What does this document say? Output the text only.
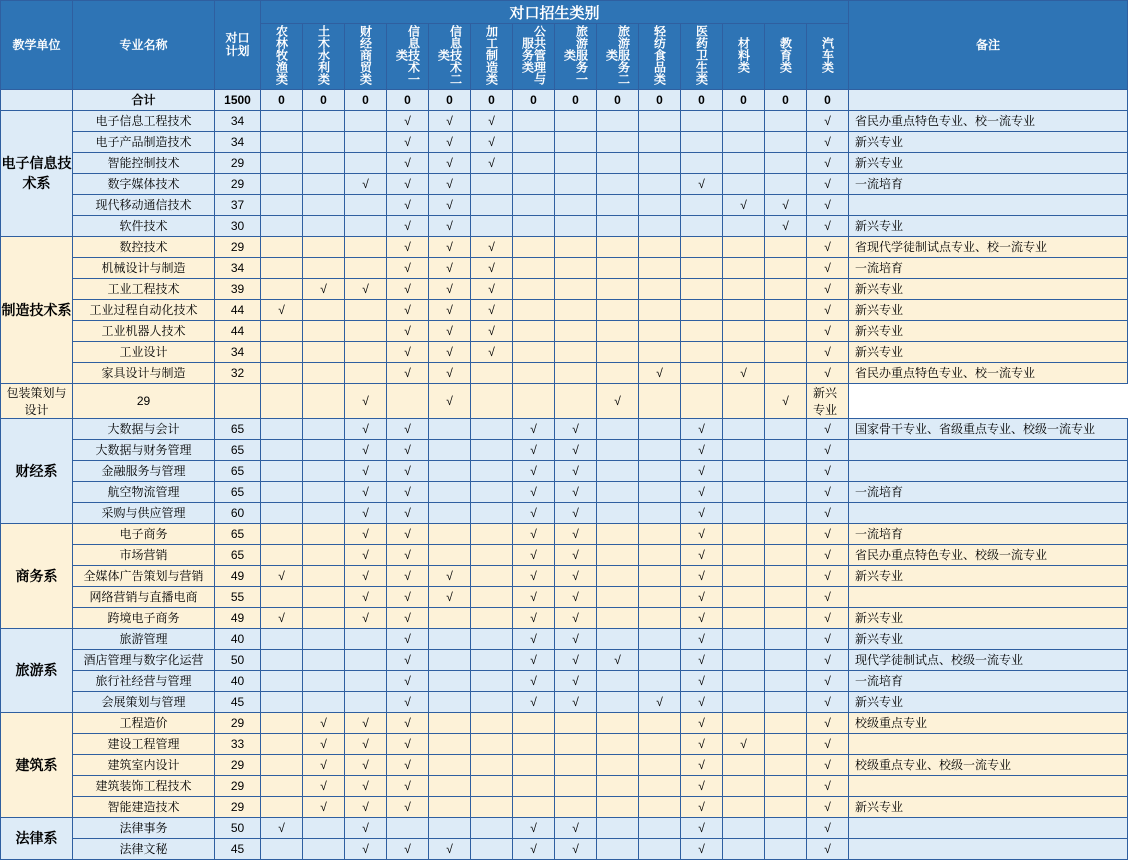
教学单位	专业名称	对口
计划	对口招生类别														备注
			农林牧渔类	土木水利类	财经商贸类	信息技术一类	信息技术二类	加工制造类	公共管理与服务类	旅游服务一类	旅游服务二类	轻纺食品类	医药卫生类	材料类	教育类	汽车类	
	合计	1500	0	0	0	0	0	0	0	0	0	0	0	0	0	0	
电子信息技术系	电子信息工程技术	34				√	√	√								√	省民办重点特色专业、校一流专业
	电子产品制造技术	34				√	√	√								√	新兴专业
	智能控制技术	29				√	√	√								√	新兴专业
	数字媒体技术	29			√	√	√						√			√	一流培育
	现代移动通信技术	37				√	√							√	√	√	
	软件技术	30				√	√								√	√	新兴专业
制造技术系	数控技术	29				√	√	√								√	省现代学徒制试点专业、校一流专业
	机械设计与制造	34				√	√	√								√	一流培育
	工业工程技术	39		√	√	√	√	√								√	新兴专业
	工业过程自动化技术	44	√			√	√	√								√	新兴专业
	工业机器人技术	44				√	√	√								√	新兴专业
	工业设计	34				√	√	√								√	新兴专业
	家具设计与制造	32				√	√					√		√		√	省民办重点特色专业、校一流专业
包装策划与设计	29				√		√				√				√	新兴专业	
财经系	大数据与会计	65			√	√			√	√			√			√	国家骨干专业、省级重点专业、校级一流专业
	大数据与财务管理	65			√	√			√	√			√			√	
	金融服务与管理	65			√	√			√	√			√			√	
	航空物流管理	65			√	√			√	√			√			√	一流培育
	采购与供应管理	60			√	√			√	√			√			√	
商务系	电子商务	65			√	√			√	√			√			√	一流培育
	市场营销	65			√	√			√	√			√			√	省民办重点特色专业、校级一流专业
	全媒体广告策划与营销	49	√		√	√	√		√	√			√			√	新兴专业
	网络营销与直播电商	55			√	√	√		√	√			√			√	
	跨境电子商务	49	√		√	√			√	√			√			√	新兴专业
旅游系	旅游管理	40				√			√	√			√			√	新兴专业
	酒店管理与数字化运营	50				√			√	√	√		√			√	现代学徒制试点、校级一流专业
	旅行社经营与管理	40				√			√	√			√			√	一流培育
	会展策划与管理	45				√			√	√		√	√			√	新兴专业
建筑系	工程造价	29		√	√	√							√			√	校级重点专业
	建设工程管理	33		√	√	√							√	√		√	
	建筑室内设计	29		√	√	√							√			√	校级重点专业、校级一流专业
	建筑装饰工程技术	29		√	√	√							√			√	
	智能建造技术	29		√	√	√							√			√	新兴专业
法律系	法律事务	50	√		√				√	√			√			√	
	法律文秘	45			√	√	√		√	√			√			√	
